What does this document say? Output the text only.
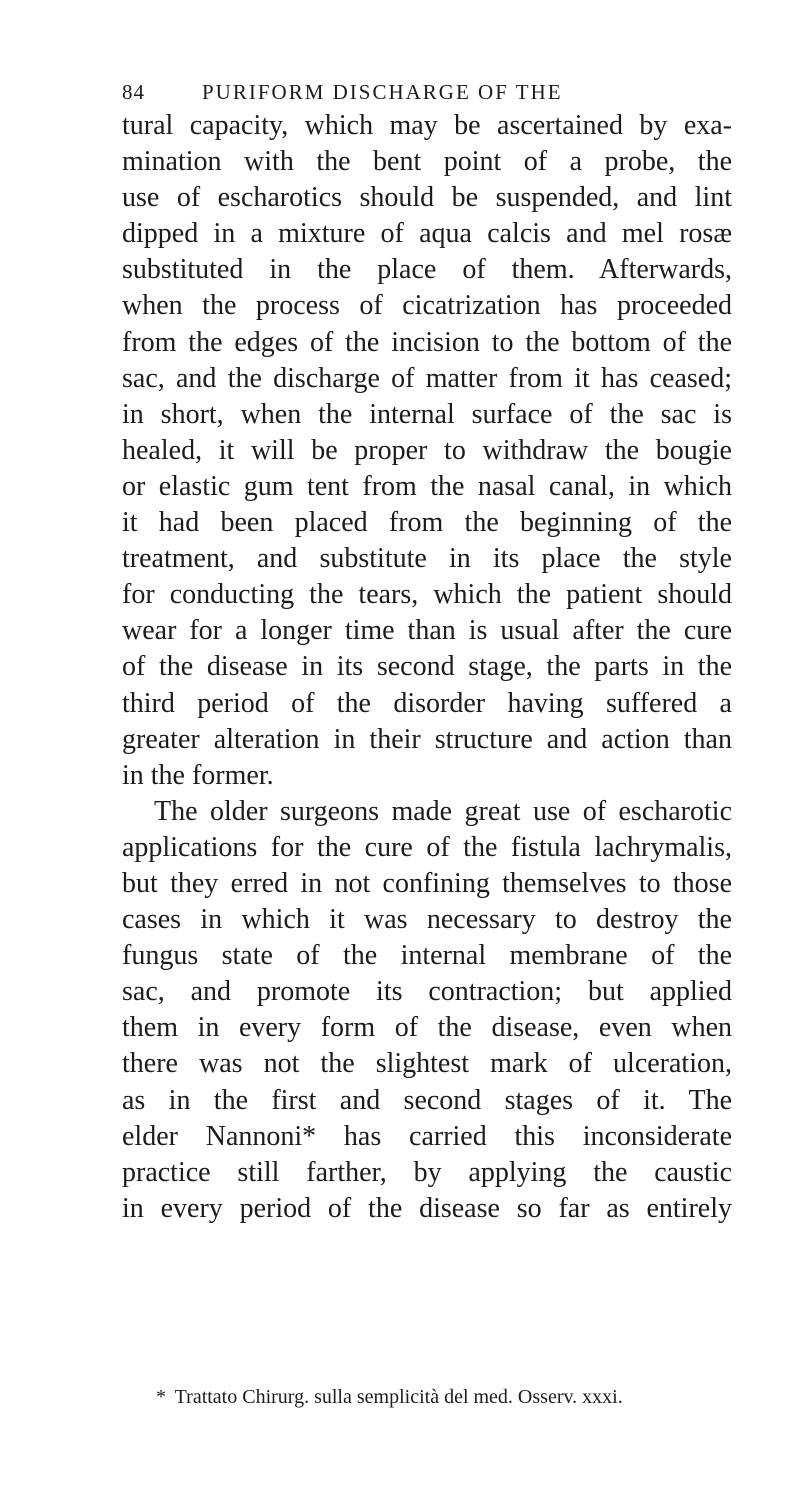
84	PURIFORM DISCHARGE OF THE
tural capacity, which may be ascertained by exa-
mination with the bent point of a probe, the
use of escharotics should be suspended, and lint
dipped in a mixture of aqua calcis and mel rosæ
substituted in the place of them. Afterwards,
when the process of cicatrization has proceeded
from the edges of the incision to the bottom of the
sac, and the discharge of matter from it has ceased;
in short, when the internal surface of the sac is
healed, it will be proper to withdraw the bougie
or elastic gum tent from the nasal canal, in which
it had been placed from the beginning of the
treatment, and substitute in its place the style
for conducting the tears, which the patient should
wear for a longer time than is usual after the cure
of the disease in its second stage, the parts in the
third period of the disorder having suffered a
greater alteration in their structure and action than
in the former.
The older surgeons made great use of escharotic
applications for the cure of the fistula lachrymalis,
but they erred in not confining themselves to those
cases in which it was necessary to destroy the
fungus state of the internal membrane of the
sac, and promote its contraction; but applied
them in every form of the disease, even when
there was not the slightest mark of ulceration,
as in the first and second stages of it. The
elder Nannoni* has carried this inconsiderate
practice still farther, by applying the caustic
in every period of the disease so far as entirely
* Trattato Chirurg. sulla semplicità del med. Osserv. xxxi.
